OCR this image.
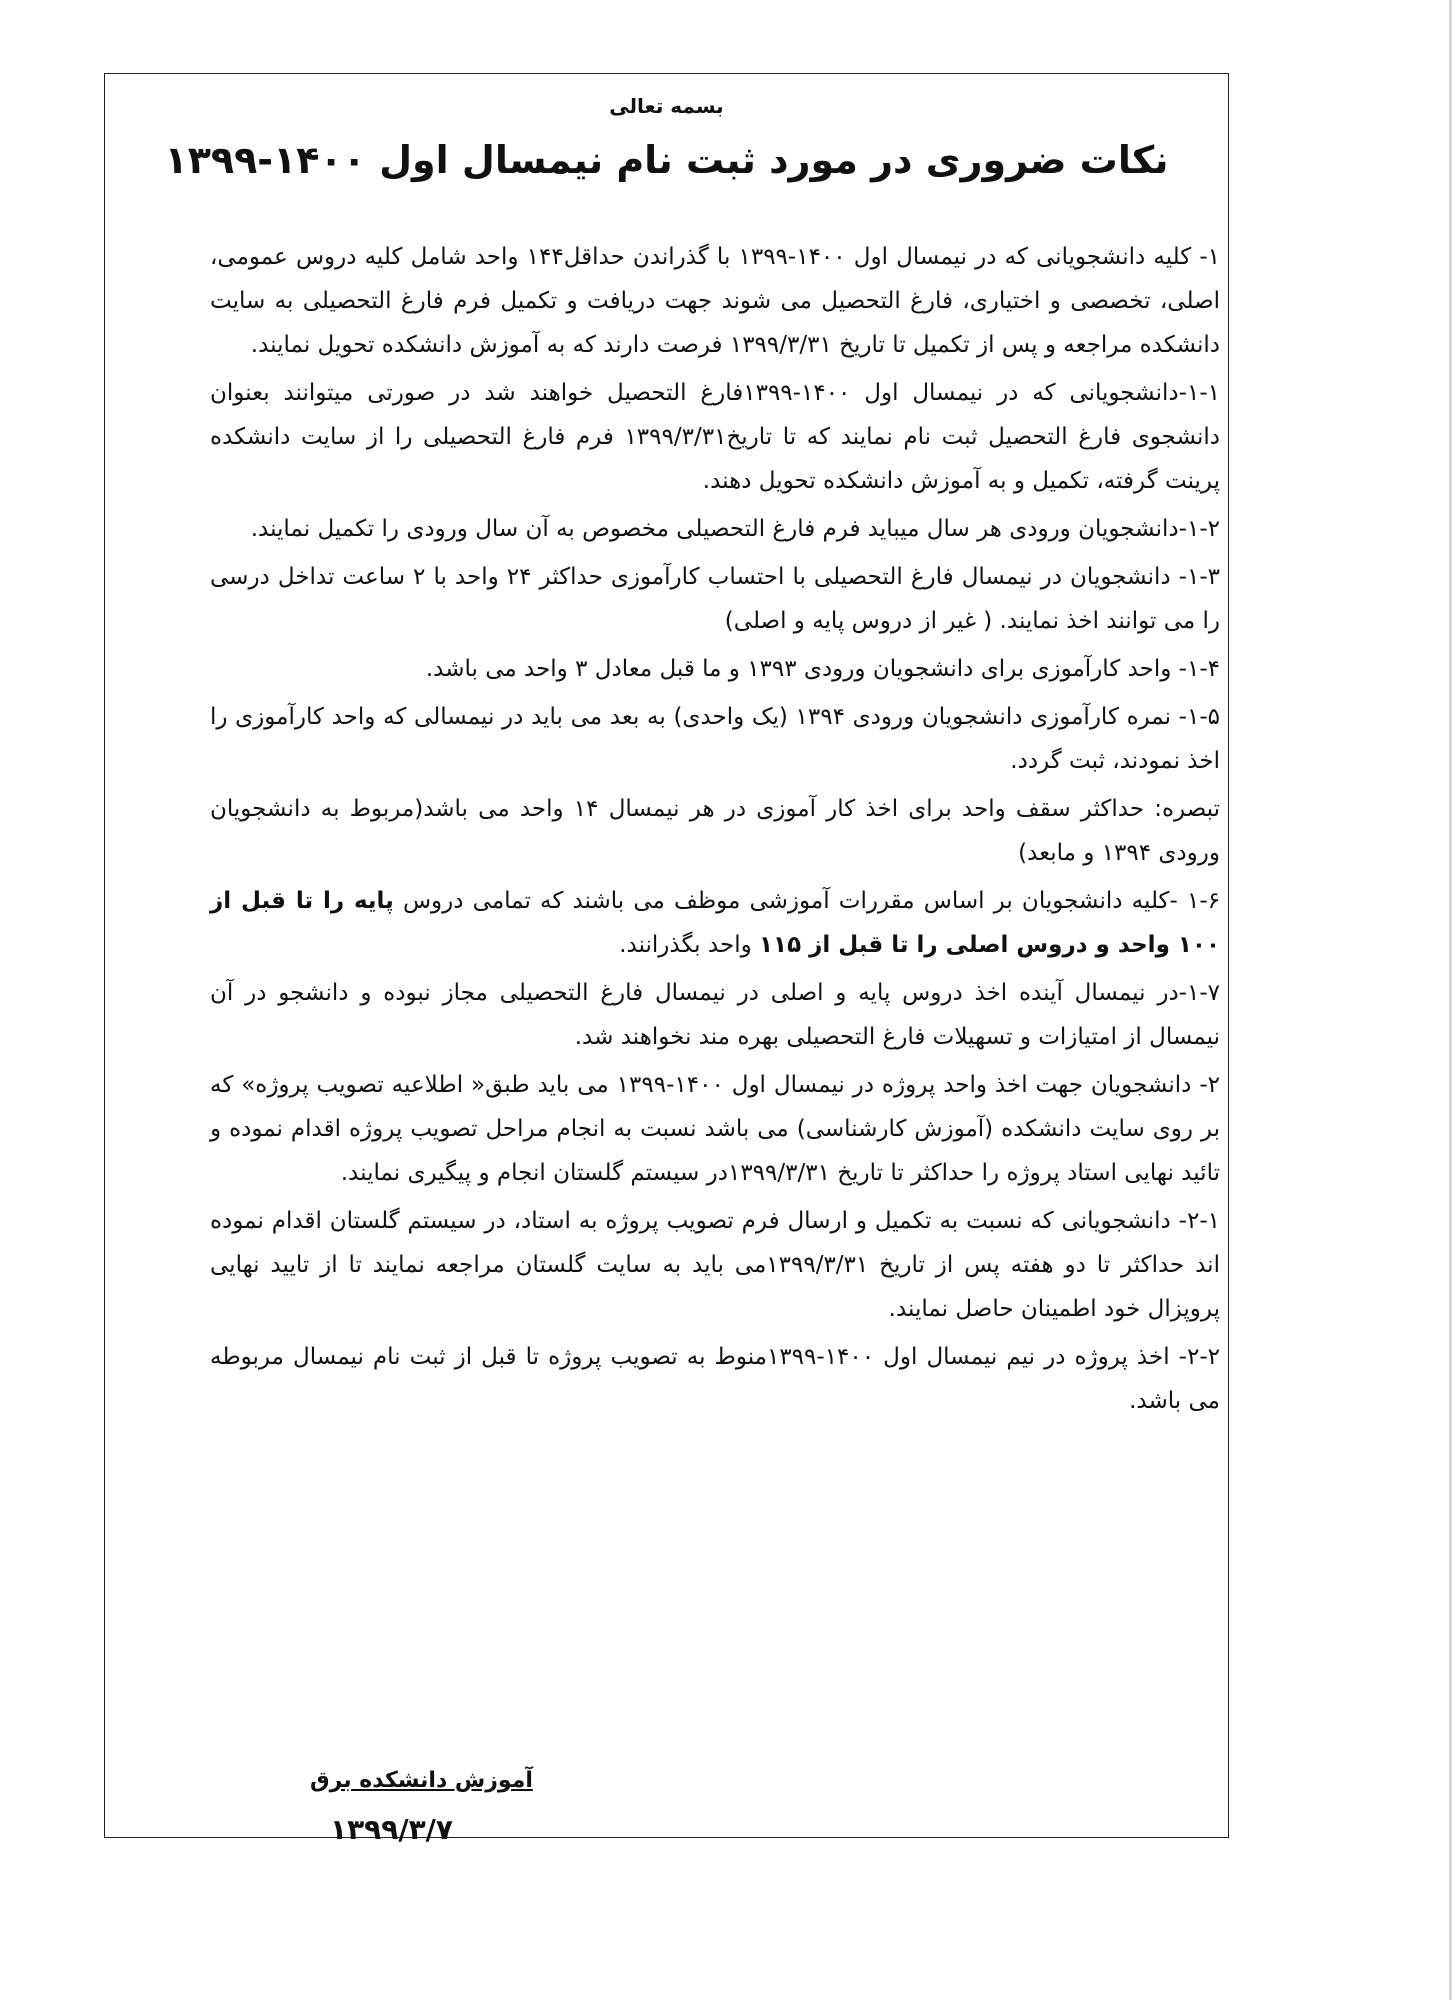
بسمه تعالی
نکات ضروری در مورد ثبت نام نیمسال اول ۱۴۰۰-۱۳۹۹

۱- کلیه دانشجویانی که در نیمسال اول ۱۴۰۰-۱۳۹۹ با گذراندن حداقل۱۴۴ واحد شامل کلیه دروس عمومی، اصلی، تخصصی و اختیاری، فارغ التحصیل می شوند جهت دریافت و تکمیل فرم فارغ التحصیلی به سایت دانشکده مراجعه و پس از تکمیل تا تاریخ ۱۳۹۹/۳/۳۱ فرصت دارند که به آموزش دانشکده تحویل نمایند.

۱-۱-دانشجویانی که در نیمسال اول ۱۴۰۰-۱۳۹۹فارغ التحصیل خواهند شد در صورتی میتوانند بعنوان دانشجوی فارغ التحصیل ثبت نام نمایند که تا تاریخ۱۳۹۹/۳/۳۱ فرم فارغ التحصیلی را از سایت دانشکده پرینت گرفته، تکمیل و به آموزش دانشکده تحویل دهند.

۱-۲-دانشجویان ورودی هر سال میباید فرم فارغ التحصیلی مخصوص به آن سال ورودی را تکمیل نمایند.

۱-۳- دانشجویان در نیمسال فارغ التحصیلی با احتساب کارآموزی حداکثر ۲۴ واحد با ۲ ساعت تداخل درسی را می توانند اخذ نمایند. ( غیر از دروس پایه و اصلی)

۱-۴- واحد کارآموزی برای دانشجویان ورودی ۱۳۹۳ و ما قبل معادل ۳ واحد می باشد.

۱-۵- نمره کارآموزی دانشجویان ورودی ۱۳۹۴ (یک واحدی) به بعد می باید در نیمسالی که واحد کارآموزی را اخذ نمودند، ثبت گردد.

تبصره: حداکثر سقف واحد برای اخذ کار آموزی در هر نیمسال ۱۴ واحد می باشد(مربوط به دانشجویان ورودی ۱۳۹۴ و مابعد)

۱-۶ -کلیه دانشجویان بر اساس مقررات آموزشی موظف می باشند که تمامی دروس پایه را تا قبل از ۱۰۰ واحد و دروس اصلی را تا قبل از ۱۱۵ واحد بگذرانند.

۱-۷-در نیمسال آینده اخذ دروس پایه و اصلی در نیمسال فارغ التحصیلی مجاز نبوده و دانشجو در آن نیمسال از امتیازات و تسهیلات فارغ التحصیلی بهره مند نخواهند شد.

۲- دانشجویان جهت اخذ واحد پروژه در نیمسال اول ۱۴۰۰-۱۳۹۹ می باید طبق« اطلاعیه تصویب پروژه» که بر روی سایت دانشکده (آموزش کارشناسی) می باشد نسبت به انجام مراحل تصویب پروژه اقدام نموده و تائید نهایی استاد پروژه را حداکثر تا تاریخ ۱۳۹۹/۳/۳۱در سیستم گلستان انجام و پیگیری نمایند.

۲-۱- دانشجویانی که نسبت به تکمیل و ارسال فرم تصویب پروژه به استاد، در سیستم گلستان اقدام نموده اند حداکثر تا دو هفته پس از تاریخ ۱۳۹۹/۳/۳۱می باید به سایت گلستان مراجعه نمایند تا از تایید نهایی پروپزال خود اطمینان حاصل نمایند.

۲-۲- اخذ پروژه در نیم نیمسال اول ۱۴۰۰-۱۳۹۹منوط به تصویب پروژه تا قبل از ثبت نام نیمسال مربوطه می باشد.

آموزش دانشکده برق
۱۳۹۹/۳/۷
